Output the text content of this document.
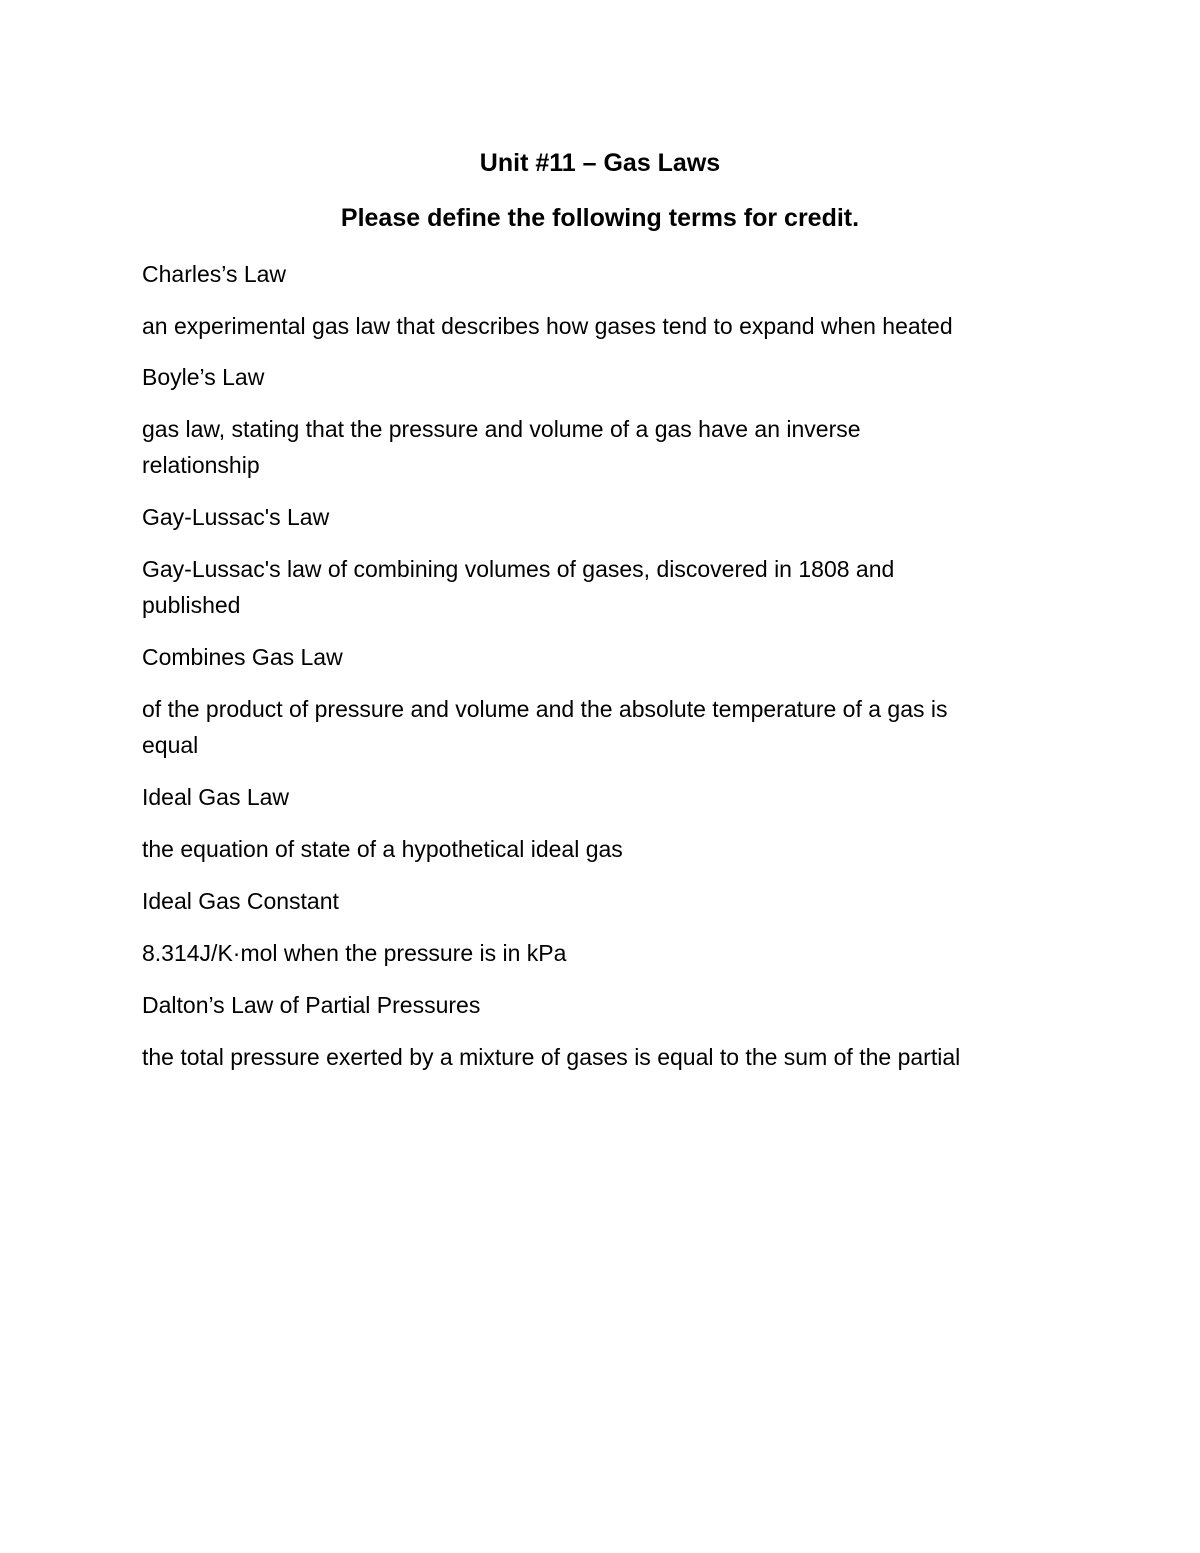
Unit #11 – Gas Laws
Please define the following terms for credit.
Charles’s Law
an experimental gas law that describes how gases tend to expand when heated
Boyle’s Law
gas law, stating that the pressure and volume of a gas have an inverse
relationship
Gay-Lussac's Law
Gay-Lussac's law of combining volumes of gases, discovered in 1808 and
published
Combines Gas Law
of the product of pressure and volume and the absolute temperature of a gas is
equal
Ideal Gas Law
the equation of state of a hypothetical ideal gas
Ideal Gas Constant
8.314J/K·mol when the pressure is in kPa
Dalton’s Law of Partial Pressures
the total pressure exerted by a mixture of gases is equal to the sum of the partial
